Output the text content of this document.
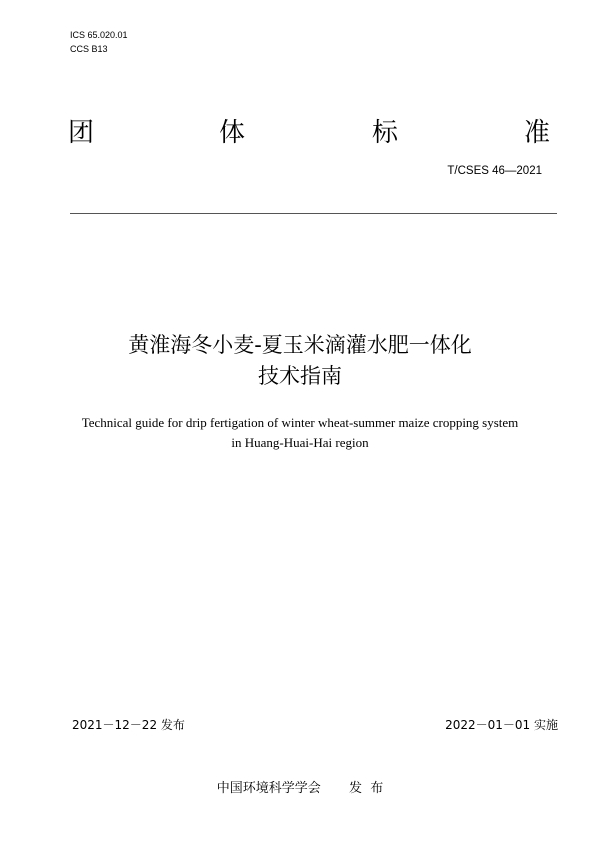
ICS 65.020.01
CCS B13
团	体	标	准
T/CSES 46—2021
黄淮海冬小麦-夏玉米滴灌水肥一体化
技术指南
Technical guide for drip fertigation of winter wheat-summer maize cropping system
in Huang-Huai-Hai region
2021－12－22 发布	2022－01－01 实施
中国环境科学学会 发  布
